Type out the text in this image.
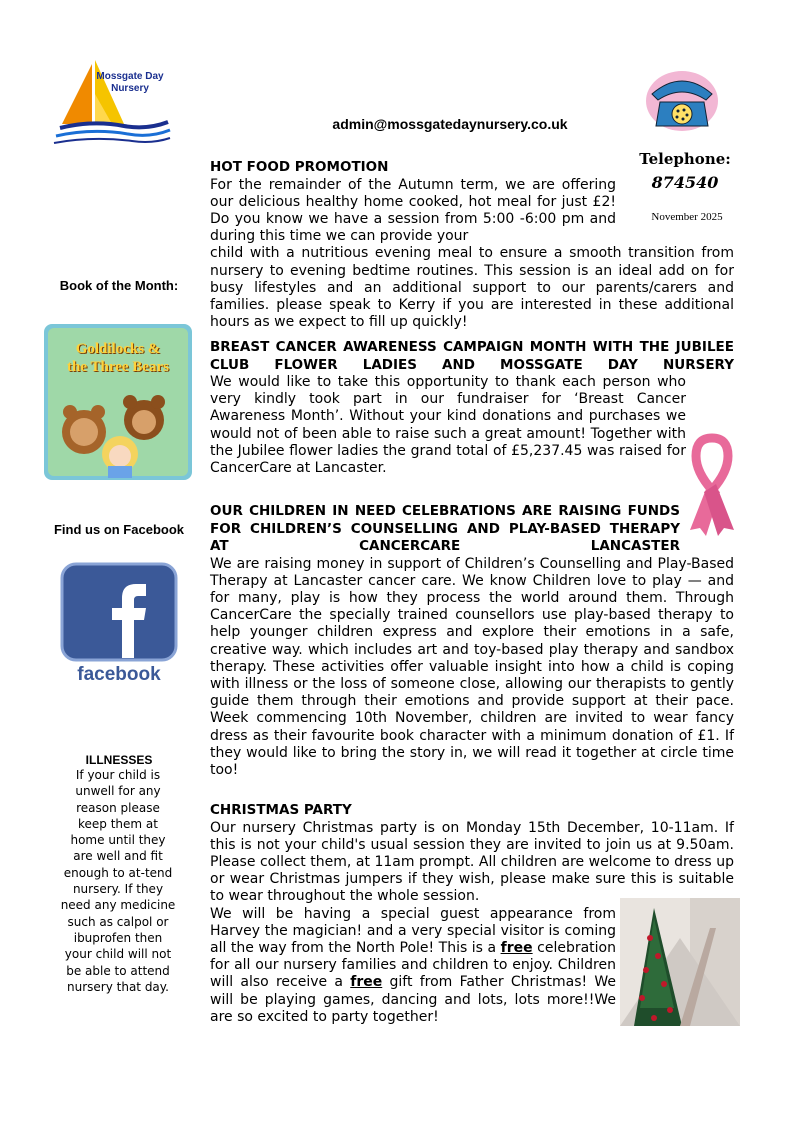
Mossgate Day Nursery
admin@mossgatedaynursery.co.uk
Telephone:
874540
November 2025
Book of the Month:
Goldilocks & the Three Bears
Find us on Facebook
facebook
ILLNESSES
If your child is unwell for any reason please keep them at home until they are well and fit enough to at-tend nursery. If they need any medicine such as calpol or ibuprofen then your child will not be able to attend nursery that day.

HOT FOOD PROMOTION

For the remainder of the Autumn term, we are offering our delicious healthy home cooked, hot meal for just £2! Do you know we have a session from 5:00 -6:00 pm and during this time we can provide your

child with a nutritious evening meal to ensure a smooth transition from nursery to evening bedtime routines. This session is an ideal add on for busy lifestyles and an additional support to our parents/carers and families. please speak to Kerry if you are interested in these additional hours as we expect to fill up quickly!

BREAST CANCER AWARENESS CAMPAIGN MONTH WITH THE JUBILEE CLUB FLOWER LADIES AND MOSSGATE DAY NURSERY

We would like to take this opportunity to thank each person who very kindly took part in our fundraiser for ‘Breast Cancer Awareness Month’. Without your kind donations and purchases we would not of been able to raise such a great amount! Together with the Jubilee flower ladies the grand total of £5,237.45 was raised for CancerCare at Lancaster.

OUR CHILDREN IN NEED CELEBRATIONS ARE RAISING FUNDS FOR CHILDREN’S COUNSELLING AND PLAY-BASED THERAPY AT CANCERCARE LANCASTER

We are raising money in support of Children’s Counselling and Play-Based Therapy at Lancaster cancer care. We know Children love to play — and for many, play is how they process the world around them. Through CancerCare the specially trained counsellors use play-based therapy to help younger children express and explore their emotions in a safe, creative way. which includes art and toy-based play therapy and sandbox therapy. These activities offer valuable insight into how a child is coping with illness or the loss of someone close, allowing our therapists to gently guide them through their emotions and provide support at their pace. Week commencing 10th November, children are invited to wear fancy dress as their favourite book character with a minimum donation of £1. If they would like to bring the story in, we will read it together at circle time too!

CHRISTMAS PARTY

Our nursery Christmas party is on Monday 15th December, 10-11am. If this is not your child's usual session they are invited to join us at 9.50am. Please collect them, at 11am prompt. All children are welcome to dress up or wear Christmas jumpers if they wish, please make sure this is suitable to wear throughout the whole session.

We will be having a special guest appearance from Harvey the magician! and a very special visitor is coming all the way from the North Pole! This is a free celebration for all our nursery families and children to enjoy. Children will also receive a free gift from Father Christmas! We will be playing games, dancing and lots, lots more!!We are so excited to party together!
